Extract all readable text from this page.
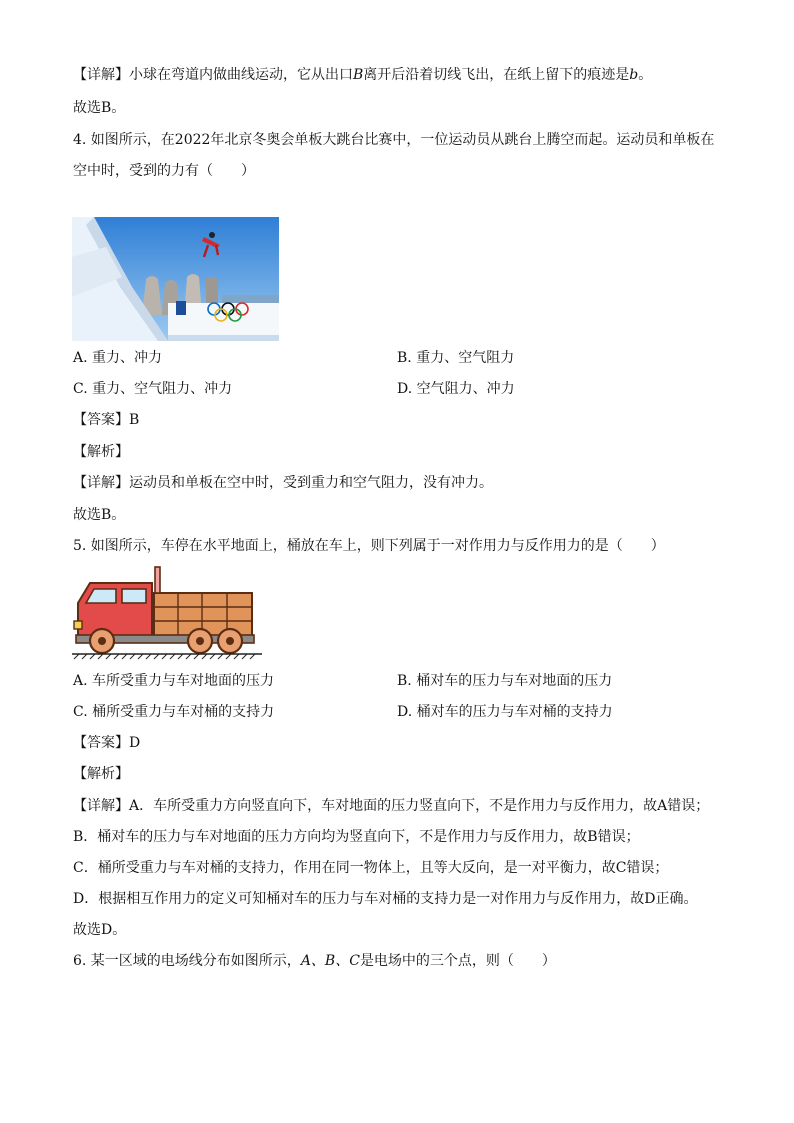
【详解】小球在弯道内做曲线运动，它从出口B离开后沿着切线飞出，在纸上留下的痕迹是b。
故选B。
4. 如图所示，在2022年北京冬奥会单板大跳台比赛中，一位运动员从跳台上腾空而起。运动员和单板在
空中时，受到的力有（　　）
A. 重力、冲力	B. 重力、空气阻力
C. 重力、空气阻力、冲力	D. 空气阻力、冲力
【答案】B
【解析】
【详解】运动员和单板在空中时，受到重力和空气阻力，没有冲力。
故选B。
5. 如图所示，车停在水平地面上，桶放在车上，则下列属于一对作用力与反作用力的是（　　）
A. 车所受重力与车对地面的压力	B. 桶对车的压力与车对地面的压力
C. 桶所受重力与车对桶的支持力	D. 桶对车的压力与车对桶的支持力
【答案】D
【解析】
【详解】A．车所受重力方向竖直向下，车对地面的压力竖直向下，不是作用力与反作用力，故A错误；
B．桶对车的压力与车对地面的压力方向均为竖直向下，不是作用力与反作用力，故B错误；
C．桶所受重力与车对桶的支持力，作用在同一物体上，且等大反向，是一对平衡力，故C错误；
D．根据相互作用力的定义可知桶对车的压力与车对桶的支持力是一对作用力与反作用力，故D正确。
故选D。
6. 某一区域的电场线分布如图所示，A、B、C是电场中的三个点，则（　　）
